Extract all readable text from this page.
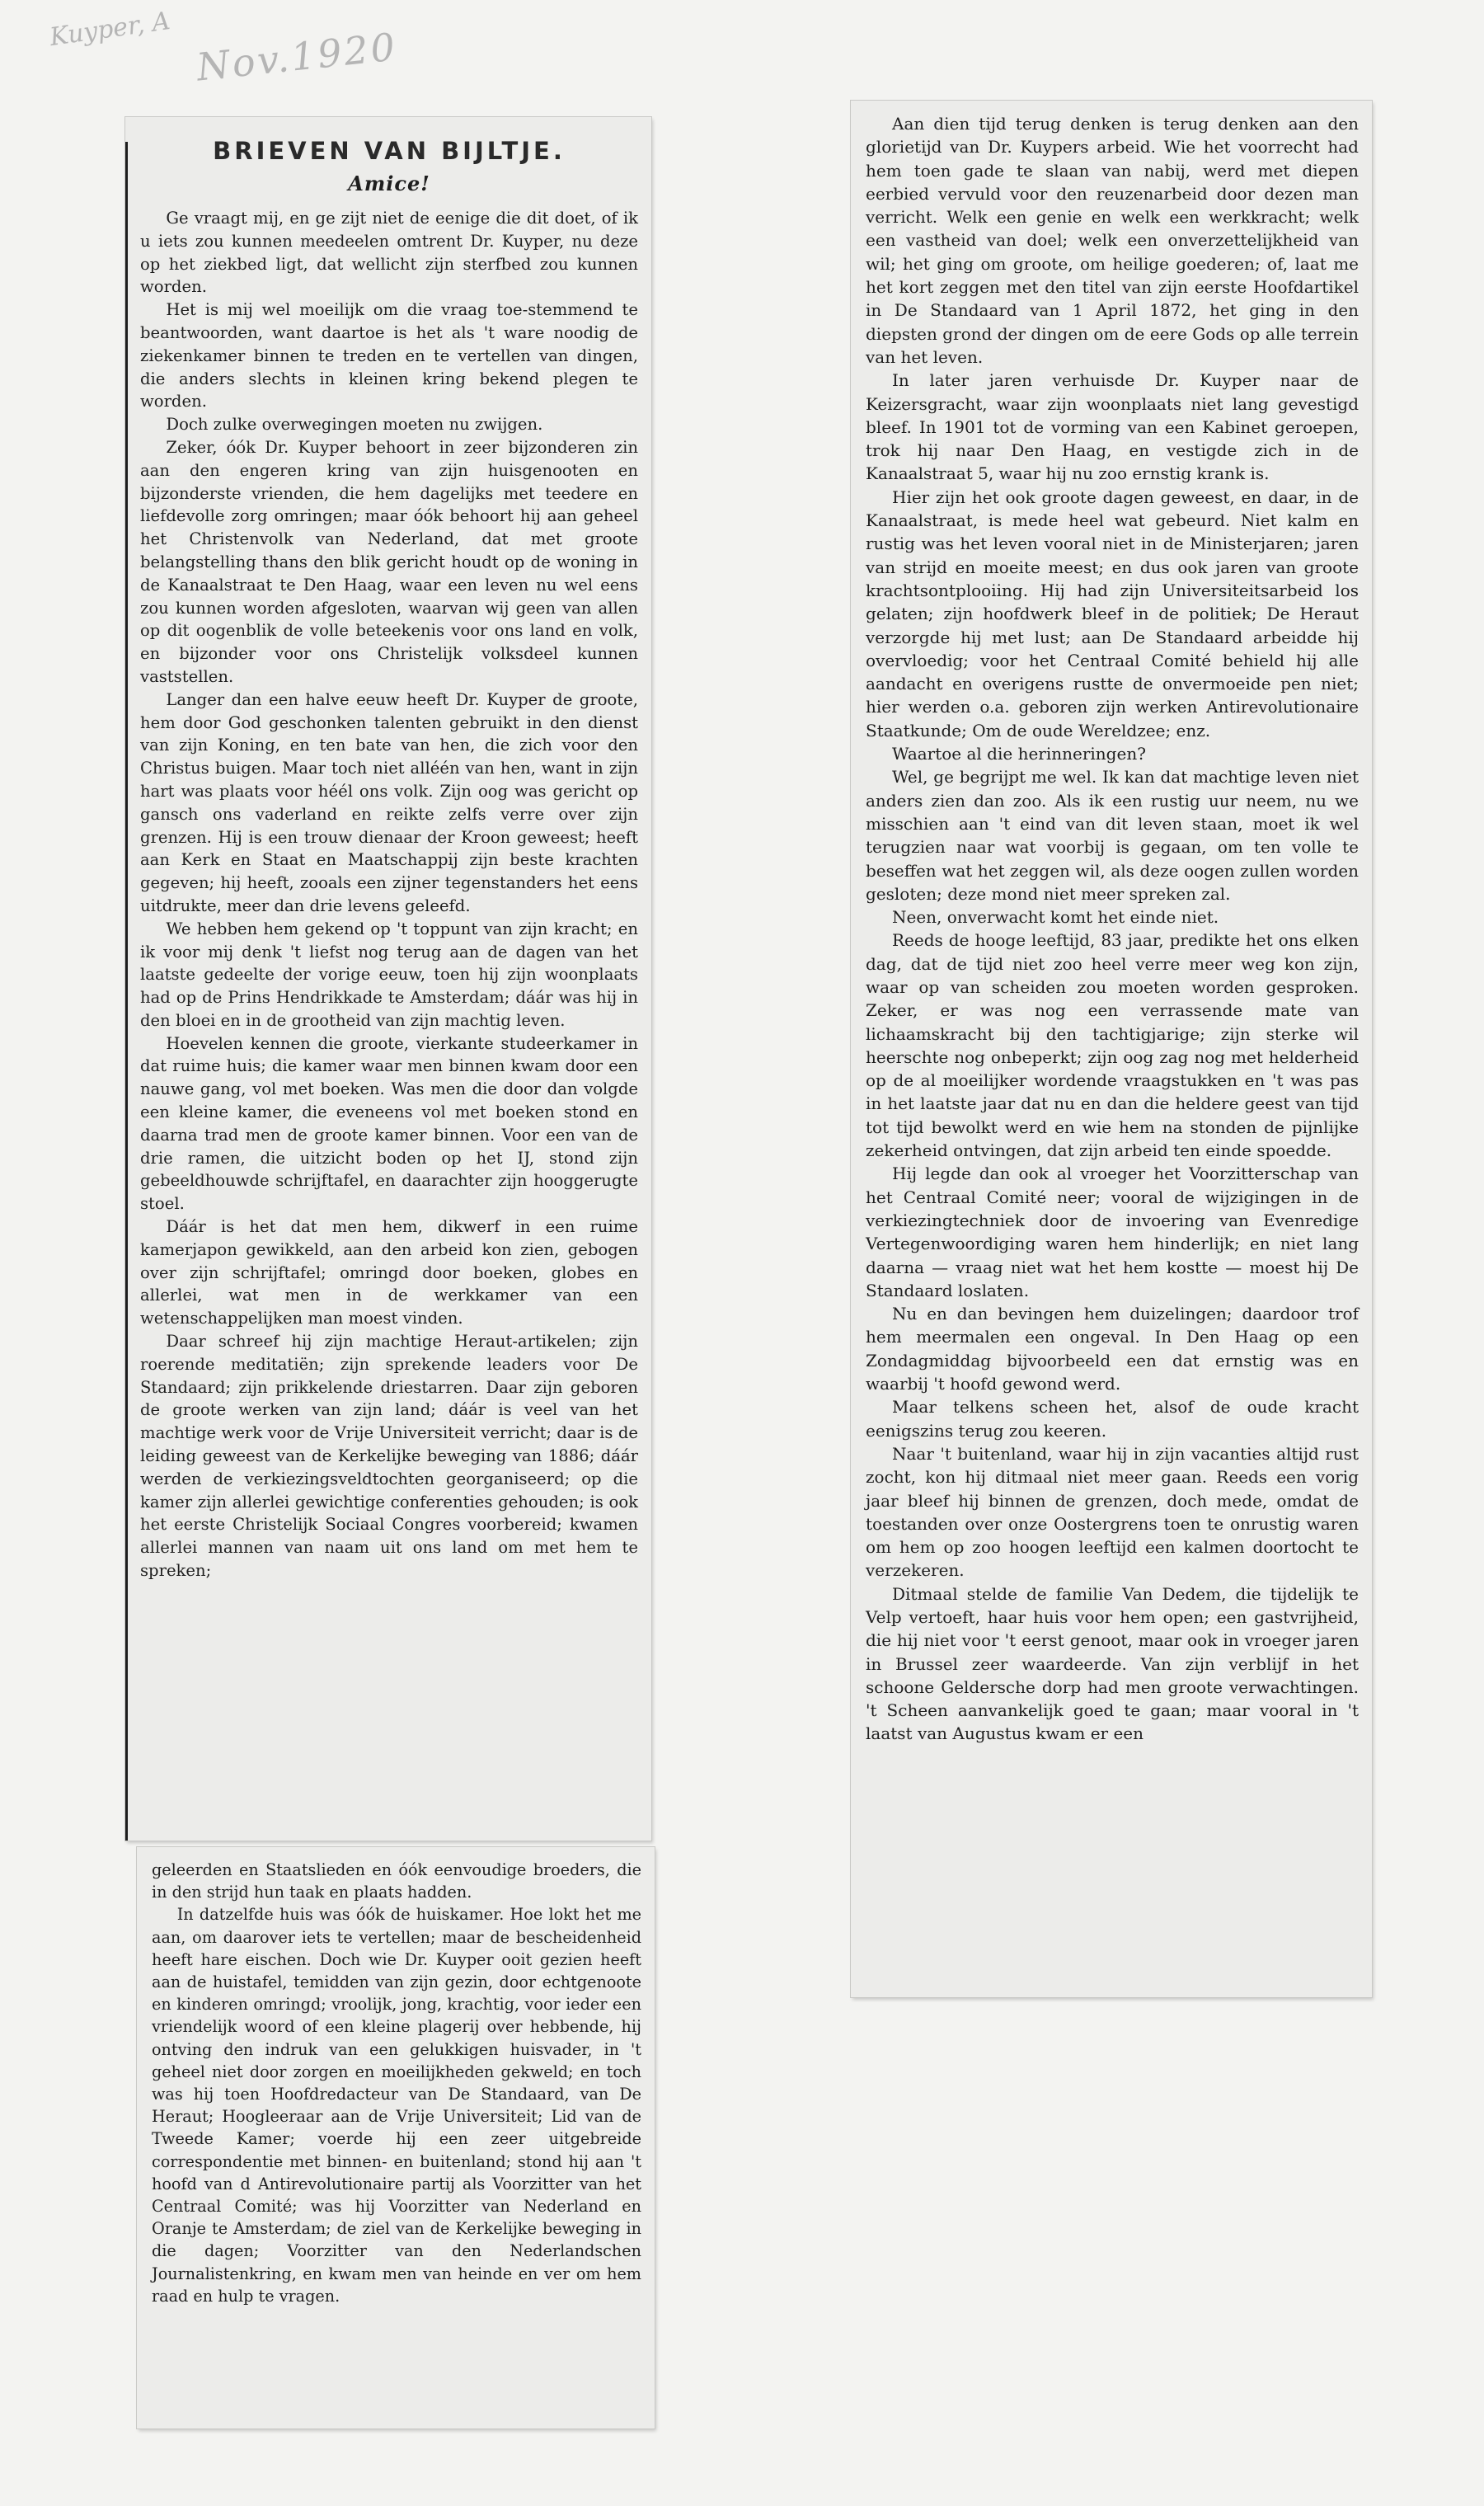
Kuyper, A Nov.1920
BRIEVEN VAN BIJLTJE.
Amice!

Ge vraagt mij, en ge zijt niet de eenige die dit doet, of ik u iets zou kunnen meedeelen omtrent Dr. Kuyper, nu deze op het ziekbed ligt, dat wellicht zijn sterfbed zou kunnen worden.

Het is mij wel moeilijk om die vraag toe-stemmend te beantwoorden, want daartoe is het als 't ware noodig de ziekenkamer binnen te treden en te vertellen van dingen, die anders slechts in kleinen kring bekend plegen te worden.

Doch zulke overwegingen moeten nu zwijgen.

Zeker, óók Dr. Kuyper behoort in zeer bijzonderen zin aan den engeren kring van zijn huisgenooten en bijzonderste vrienden, die hem dagelijks met teedere en liefdevolle zorg omringen; maar óók behoort hij aan geheel het Christenvolk van Nederland, dat met groote belangstelling thans den blik gericht houdt op de woning in de Kanaalstraat te Den Haag, waar een leven nu wel eens zou kunnen worden afgesloten, waarvan wij geen van allen op dit oogenblik de volle beteekenis voor ons land en volk, en bijzonder voor ons Christelijk volksdeel kunnen vaststellen.

Langer dan een halve eeuw heeft Dr. Kuyper de groote, hem door God geschonken talenten gebruikt in den dienst van zijn Koning, en ten bate van hen, die zich voor den Christus buigen. Maar toch niet alléén van hen, want in zijn hart was plaats voor héél ons volk. Zijn oog was gericht op gansch ons vaderland en reikte zelfs verre over zijn grenzen. Hij is een trouw dienaar der Kroon geweest; heeft aan Kerk en Staat en Maatschappij zijn beste krachten gegeven; hij heeft, zooals een zijner tegenstanders het eens uitdrukte, meer dan drie levens geleefd.

We hebben hem gekend op 't toppunt van zijn kracht; en ik voor mij denk 't liefst nog terug aan de dagen van het laatste gedeelte der vorige eeuw, toen hij zijn woonplaats had op de Prins Hendrikkade te Amsterdam; dáár was hij in den bloei en in de grootheid van zijn machtig leven.

Hoevelen kennen die groote, vierkante studeerkamer in dat ruime huis; die kamer waar men binnen kwam door een nauwe gang, vol met boeken. Was men die door dan volgde een kleine kamer, die eveneens vol met boeken stond en daarna trad men de groote kamer binnen. Voor een van de drie ramen, die uitzicht boden op het IJ, stond zijn gebeeldhouwde schrijftafel, en daarachter zijn hooggerugte stoel.

Dáár is het dat men hem, dikwerf in een ruime kamerjapon gewikkeld, aan den arbeid kon zien, gebogen over zijn schrijftafel; omringd door boeken, globes en allerlei, wat men in de werkkamer van een wetenschappelijken man moest vinden.

Daar schreef hij zijn machtige Heraut-artikelen; zijn roerende meditatiën; zijn sprekende leaders voor De Standaard; zijn prikkelende driestarren. Daar zijn geboren de groote werken van zijn land; dáár is veel van het machtige werk voor de Vrije Universiteit verricht; daar is de leiding geweest van de Kerkelijke beweging van 1886; dáár werden de verkiezingsveldtochten georganiseerd; op die kamer zijn allerlei gewichtige conferenties gehouden; is ook het eerste Christelijk Sociaal Congres voorbereid; kwamen allerlei mannen van naam uit ons land om met hem te spreken;

geleerden en Staatslieden en óók eenvoudige broeders, die in den strijd hun taak en plaats hadden.

In datzelfde huis was óók de huiskamer. Hoe lokt het me aan, om daarover iets te vertellen; maar de bescheidenheid heeft hare eischen. Doch wie Dr. Kuyper ooit gezien heeft aan de huistafel, temidden van zijn gezin, door echtgenoote en kinderen omringd; vroolijk, jong, krachtig, voor ieder een vriendelijk woord of een kleine plagerij over hebbende, hij ontving den indruk van een gelukkigen huisvader, in 't geheel niet door zorgen en moeilijkheden gekweld; en toch was hij toen Hoofdredacteur van De Standaard, van De Heraut; Hoogleeraar aan de Vrije Universiteit; Lid van de Tweede Kamer; voerde hij een zeer uitgebreide correspondentie met binnen- en buitenland; stond hij aan 't hoofd van d Antirevolutionaire partij als Voorzitter van het Centraal Comité; was hij Voorzitter van Nederland en Oranje te Amsterdam; de ziel van de Kerkelijke beweging in die dagen; Voorzitter van den Nederlandschen Journalistenkring, en kwam men van heinde en ver om hem raad en hulp te vragen.

Aan dien tijd terug denken is terug denken aan den glorietijd van Dr. Kuypers arbeid. Wie het voorrecht had hem toen gade te slaan van nabij, werd met diepen eerbied vervuld voor den reuzenarbeid door dezen man verricht. Welk een genie en welk een werkkracht; welk een vastheid van doel; welk een onverzettelijkheid van wil; het ging om groote, om heilige goederen; of, laat me het kort zeggen met den titel van zijn eerste Hoofdartikel in De Standaard van 1 April 1872, het ging in den diepsten grond der dingen om de eere Gods op alle terrein van het leven.

In later jaren verhuisde Dr. Kuyper naar de Keizersgracht, waar zijn woonplaats niet lang gevestigd bleef. In 1901 tot de vorming van een Kabinet geroepen, trok hij naar Den Haag, en vestigde zich in de Kanaalstraat 5, waar hij nu zoo ernstig krank is.

Hier zijn het ook groote dagen geweest, en daar, in de Kanaalstraat, is mede heel wat gebeurd. Niet kalm en rustig was het leven vooral niet in de Ministerjaren; jaren van strijd en moeite meest; en dus ook jaren van groote krachtsontplooiing. Hij had zijn Universiteitsarbeid los gelaten; zijn hoofdwerk bleef in de politiek; De Heraut verzorgde hij met lust; aan De Standaard arbeidde hij overvloedig; voor het Centraal Comité behield hij alle aandacht en overigens rustte de onvermoeide pen niet; hier werden o.a. geboren zijn werken Antirevolutionaire Staatkunde; Om de oude Wereldzee; enz.

Waartoe al die herinneringen?

Wel, ge begrijpt me wel. Ik kan dat machtige leven niet anders zien dan zoo. Als ik een rustig uur neem, nu we misschien aan 't eind van dit leven staan, moet ik wel terugzien naar wat voorbij is gegaan, om ten volle te beseffen wat het zeggen wil, als deze oogen zullen worden gesloten; deze mond niet meer spreken zal.

Neen, onverwacht komt het einde niet.

Reeds de hooge leeftijd, 83 jaar, predikte het ons elken dag, dat de tijd niet zoo heel verre meer weg kon zijn, waar op van scheiden zou moeten worden gesproken. Zeker, er was nog een verrassende mate van lichaamskracht bij den tachtigjarige; zijn sterke wil heerschte nog onbeperkt; zijn oog zag nog met helderheid op de al moeilijker wordende vraagstukken en 't was pas in het laatste jaar dat nu en dan die heldere geest van tijd tot tijd bewolkt werd en wie hem na stonden de pijnlijke zekerheid ontvingen, dat zijn arbeid ten einde spoedde.

Hij legde dan ook al vroeger het Voorzitterschap van het Centraal Comité neer; vooral de wijzigingen in de verkiezingtechniek door de invoering van Evenredige Vertegenwoordiging waren hem hinderlijk; en niet lang daarna — vraag niet wat het hem kostte — moest hij De Standaard loslaten.

Nu en dan bevingen hem duizelingen; daardoor trof hem meermalen een ongeval. In Den Haag op een Zondagmiddag bijvoorbeeld een dat ernstig was en waarbij 't hoofd gewond werd.

Maar telkens scheen het, alsof de oude kracht eenigszins terug zou keeren.

Naar 't buitenland, waar hij in zijn vacanties altijd rust zocht, kon hij ditmaal niet meer gaan. Reeds een vorig jaar bleef hij binnen de grenzen, doch mede, omdat de toestanden over onze Oostergrens toen te onrustig waren om hem op zoo hoogen leeftijd een kalmen doortocht te verzekeren.

Ditmaal stelde de familie Van Dedem, die tijdelijk te Velp vertoeft, haar huis voor hem open; een gastvrijheid, die hij niet voor 't eerst genoot, maar ook in vroeger jaren in Brussel zeer waardeerde. Van zijn verblijf in het schoone Geldersche dorp had men groote verwachtingen. 't Scheen aanvankelijk goed te gaan; maar vooral in 't laatst van Augustus kwam er een
